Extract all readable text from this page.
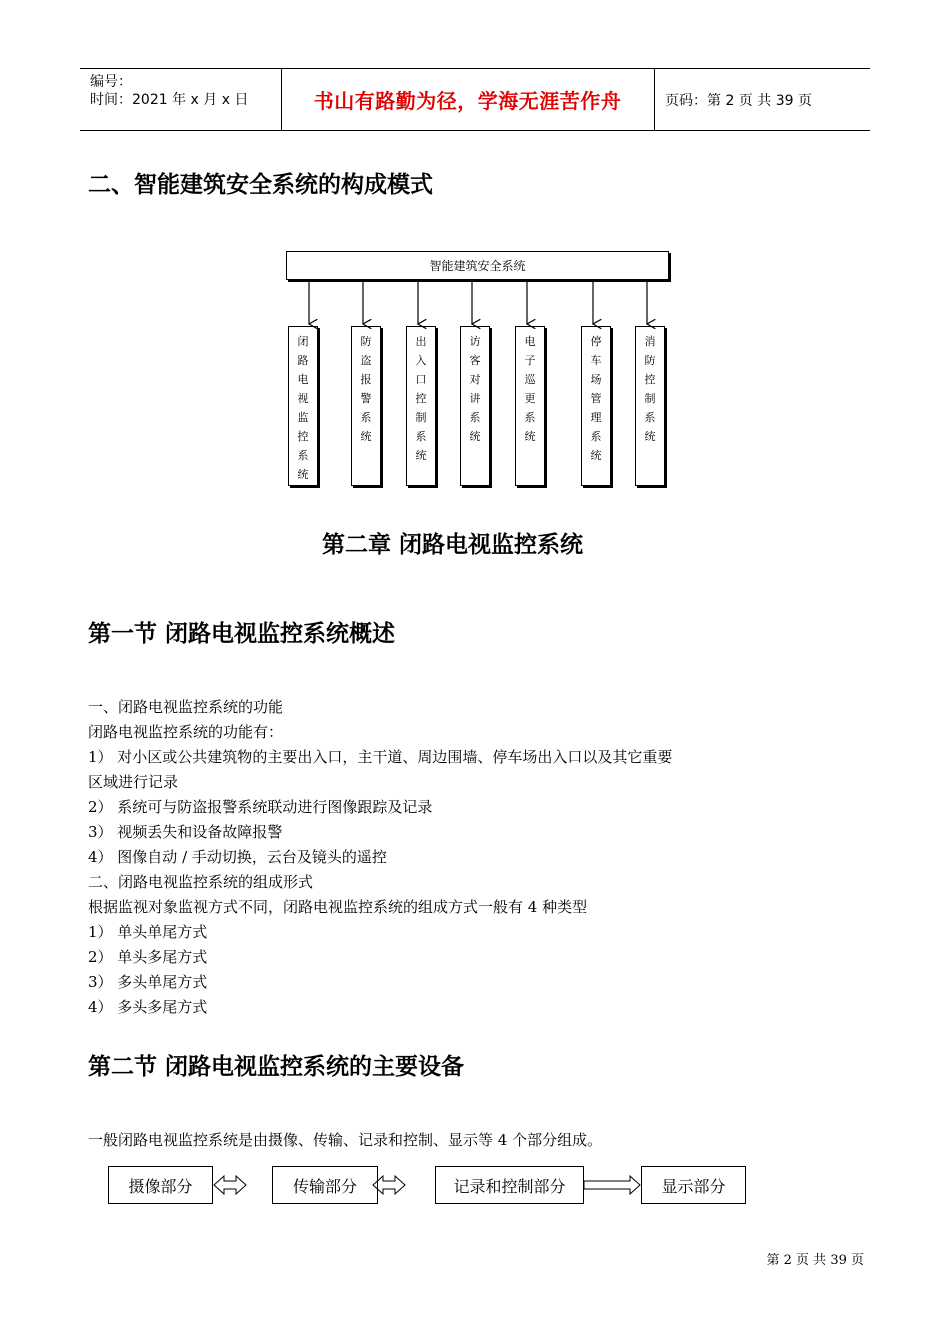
编号：
时间：2021 年 x 月 x 日	书山有路勤为径，学海无涯苦作舟	页码：第 2 页 共 39 页
二、智能建筑安全系统的构成模式
智能建筑安全系统
闭
路
电
视
监
控
系
统
防
盗
报
警
系
统
出
入
口
控
制
系
统
访
客
对
讲
系
统
电
子
巡
更
系
统
停
车
场
管
理
系
统
消
防
控
制
系
统
第二章 闭路电视监控系统
第一节 闭路电视监控系统概述
一、闭路电视监控系统的功能
闭路电视监控系统的功能有：
1） 对小区或公共建筑物的主要出入口，主干道、周边围墙、停车场出入口以及其它重要
区域进行记录
2） 系统可与防盗报警系统联动进行图像跟踪及记录
3） 视频丢失和设备故障报警
4） 图像自动 / 手动切换，云台及镜头的遥控
二、闭路电视监控系统的组成形式
根据监视对象监视方式不同，闭路电视监控系统的组成方式一般有 4 种类型
1） 单头单尾方式
2） 单头多尾方式
3） 多头单尾方式
4） 多头多尾方式
第二节 闭路电视监控系统的主要设备
一般闭路电视监控系统是由摄像、传输、记录和控制、显示等 4 个部分组成。
摄像部分	传输部分	记录和控制部分	显示部分
第 2 页 共 39 页
